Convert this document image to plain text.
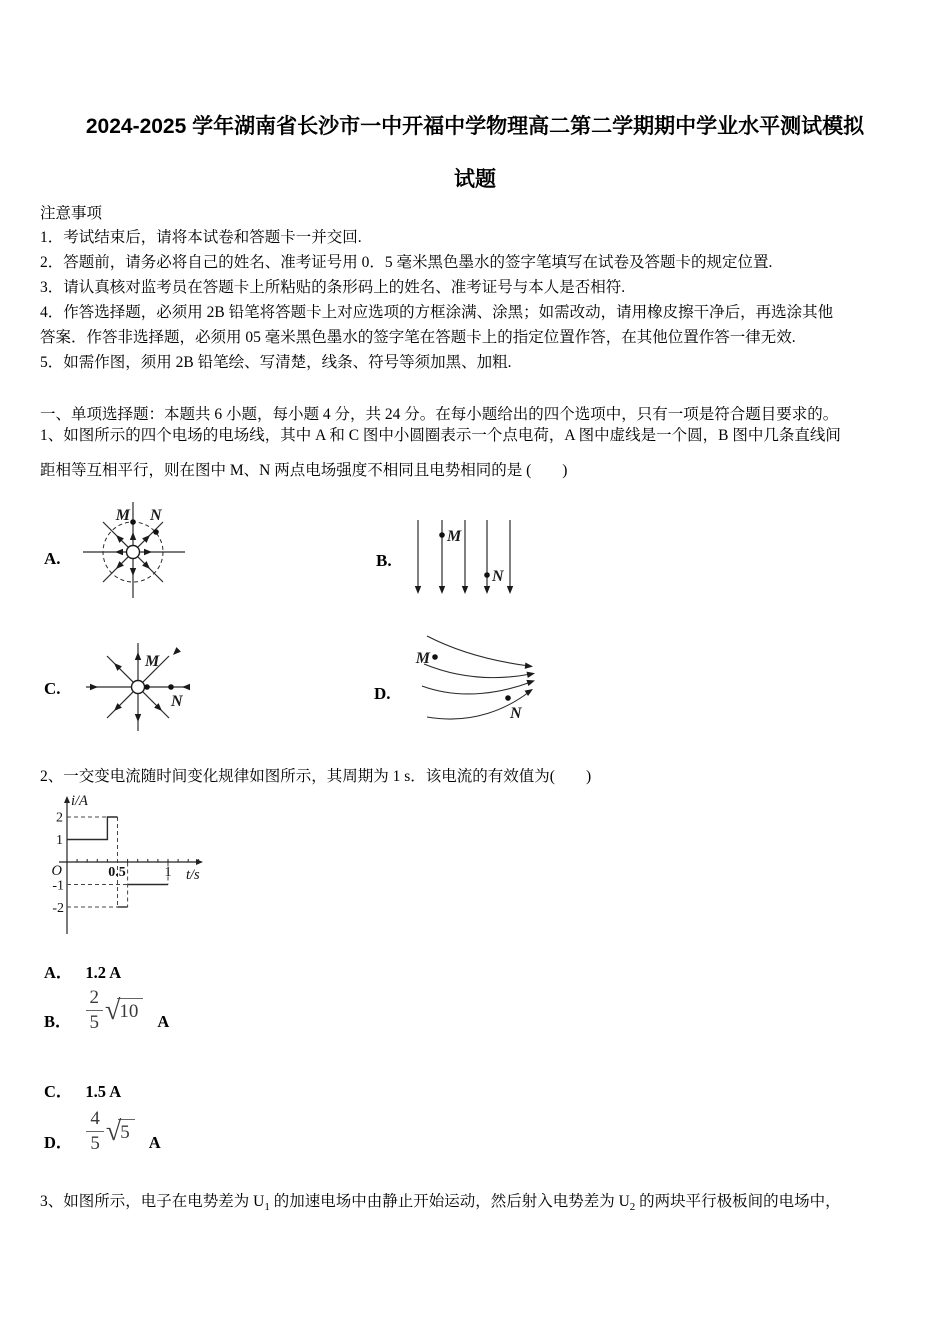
2024-2025 学年湖南省长沙市一中开福中学物理高二第二学期期中学业水平测试模拟
试题
注意事项
1．考试结束后，请将本试卷和答题卡一并交回.
2．答题前，请务必将自己的姓名、准考证号用 0．5 毫米黑色墨水的签字笔填写在试卷及答题卡的规定位置.
3．请认真核对监考员在答题卡上所粘贴的条形码上的姓名、准考证号与本人是否相符.
4．作答选择题，必须用 2B 铅笔将答题卡上对应选项的方框涂满、涂黑；如需改动，请用橡皮擦干净后，再选涂其他
答案．作答非选择题，必须用 05 毫米黑色墨水的签字笔在答题卡上的指定位置作答，在其他位置作答一律无效.
5．如需作图，须用 2B 铅笔绘、写清楚，线条、符号等须加黑、加粗.
一、单项选择题：本题共 6 小题，每小题 4 分，共 24 分。在每小题给出的四个选项中，只有一项是符合题目要求的。
1、如图所示的四个电场的电场线，其中 A 和 C 图中小圆圈表示一个点电荷，A 图中虚线是一个圆，B 图中几条直线间
距相等互相平行，则在图中 M、N 两点电场强度不相同且电势相同的是 (　　)
A.
M N
B.
M
N
C.
M
N	D.
M
N
2、一交变电流随时间变化规律如图所示，其周期为 1 s．该电流的有效值为(　　)
i/A
t/s
O
2
1
-1
-2
0.5	1
A． 1.2 A
B． $\frac{2}{5}$ √ 10	A
C． 1.5 A
D． $\frac{4}{5}$ √ 5	A
3、如图所示，电子在电势差为 $U_1$ 的加速电场中由静止开始运动，然后射入电势差为 $U_2$ 的两块平行极板间的电场中，
